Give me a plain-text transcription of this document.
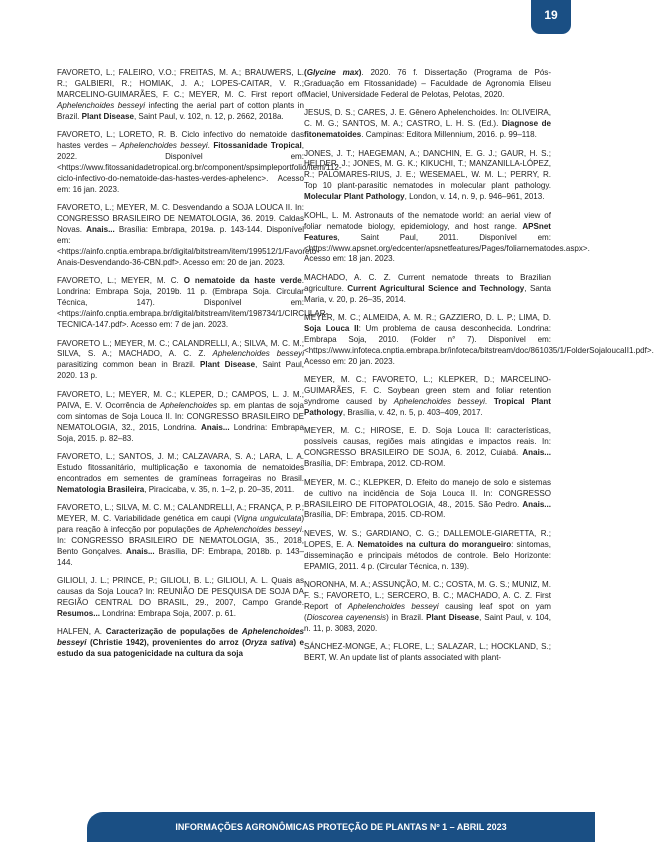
19

FAVORETO, L.; FALEIRO, V.O.; FREITAS, M. A.; BRAUWERS, L. R.; GALBIERI, R.; HOMIAK, J. A.; LOPES-CAITAR, V. R.; MARCELINO-GUIMARÃES, F. C.; MEYER, M. C. First report of Aphelenchoides besseyi infecting the aerial part of cotton plants in Brazil. Plant Disease, Saint Paul, v. 102, n. 12, p. 2662, 2018a.

FAVORETO, L.; LORETO, R. B. Ciclo infectivo do nematoide das hastes verdes – Aphelenchoides besseyi. Fitossanidade Tropical, 2022. Disponível em: <https://www.fitossanidadetropical.org.br/component/spsimpleportfolio/item/112-ciclo-infectivo-do-nematoide-das-hastes-verdes-aphelenc>. Acesso em: 16 jan. 2023.

FAVORETO, L.; MEYER, M. C. Desvendando a SOJA LOUCA II. In: CONGRESSO BRASILEIRO DE NEMATOLOGIA, 36. 2019. Caldas Novas. Anais... Brasília: Embrapa, 2019a. p. 143-144. Disponível em: <https://ainfo.cnptia.embrapa.br/digital/bitstream/item/199512/1/Favoreto-Anais-Desvendando-36-CBN.pdf>. Acesso em: 20 de jan. 2023.

FAVORETO, L.; MEYER, M. C. O nematoide da haste verde. Londrina: Embrapa Soja, 2019b. 11 p. (Embrapa Soja. Circular Técnica, 147). Disponível em: <https://ainfo.cnptia.embrapa.br/digital/bitstream/item/198734/1/CIRCULAR-TECNICA-147.pdf>. Acesso em: 7 de jan. 2023.

FAVORETO L.; MEYER, M. C.; CALANDRELLI, A.; SILVA, M. C. M.; SILVA, S. A.; MACHADO, A. C. Z. Aphelenchoides besseyi parasitizing common bean in Brazil. Plant Disease, Saint Paul, 2020. 13 p.

FAVORETO, L.; MEYER, M. C.; KLEPER, D.; CAMPOS, L. J. M.; PAIVA, E. V. Ocorrência de Aphelenchoides sp. em plantas de soja com sintomas de Soja Louca II. In: CONGRESSO BRASILEIRO DE NEMATOLOGIA, 32., 2015, Londrina. Anais... Londrina: Embrapa Soja, 2015. p. 82–83.

FAVORETO, L.; SANTOS, J. M.; CALZAVARA, S. A.; LARA, L. A. Estudo fitossanitário, multiplicação e taxonomia de nematoides encontrados em sementes de gramíneas forrageiras no Brasil. Nematologia Brasileira, Piracicaba, v. 35, n. 1–2, p. 20–35, 2011.

FAVORETO, L.; SILVA, M. C. M.; CALANDRELLI, A.; FRANÇA, P. P.; MEYER, M. C. Variabilidade genética em caupi (Vigna unguiculata) para reação à infecção por populações de Aphelenchoides besseyi. In: CONGRESSO BRASILEIRO DE NEMATOLOGIA, 35., 2018, Bento Gonçalves. Anais... Brasília, DF: Embrapa, 2018b. p. 143–144.

GILIOLI, J. L.; PRINCE, P.; GILIOLI, B. L.; GILIOLI, A. L. Quais as causas da Soja Louca? In: REUNIÃO DE PESQUISA DE SOJA DA REGIÃO CENTRAL DO BRASIL, 29., 2007, Campo Grande. Resumos... Londrina: Embrapa Soja, 2007. p. 61.

HALFEN, A. Caracterização de populações de Aphelenchoides besseyi (Christie 1942), provenientes do arroz (Oryza sativa) e estudo da sua patogenicidade na cultura da soja

(Glycine max). 2020. 76 f. Dissertação (Programa de Pós-Graduação em Fitossanidade) – Faculdade de Agronomia Eliseu Maciel, Universidade Federal de Pelotas, Pelotas, 2020.

JESUS, D. S.; CARES, J. E. Gênero Aphelenchoides. In: OLIVEIRA, C. M. G.; SANTOS, M. A.; CASTRO, L. H. S. (Ed.). Diagnose de fitonematoides. Campinas: Editora Millennium, 2016. p. 99–118.

JONES, J. T.; HAEGEMAN, A.; DANCHIN, E. G. J.; GAUR, H. S.; HELDER, J.; JONES, M. G. K.; KIKUCHI, T.; MANZANILLA-LÓPEZ, R.; PALOMARES-RIUS, J. E.; WESEMAEL, W. M. L.; PERRY, R. Top 10 plant-parasitic nematodes in molecular plant pathology. Molecular Plant Pathology, London, v. 14, n. 9, p. 946–961, 2013.

KOHL, L. M. Astronauts of the nematode world: an aerial view of foliar nematode biology, epidemiology, and host range. APSnet Features, Saint Paul, 2011. Disponível em: <https://www.apsnet.org/edcenter/apsnetfeatures/Pages/foliarnematodes.aspx>. Acesso em: 18 jan. 2023.

MACHADO, A. C. Z. Current nematode threats to Brazilian agriculture. Current Agricultural Science and Technology, Santa Maria, v. 20, p. 26–35, 2014.

MEYER, M. C.; ALMEIDA, A. M. R.; GAZZIERO, D. L. P.; LIMA, D. Soja Louca II: Um problema de causa desconhecida. Londrina: Embrapa Soja, 2010. (Folder n° 7). Disponível em: <https://www.infoteca.cnptia.embrapa.br/infoteca/bitstream/doc/861035/1/FolderSojaloucaII1.pdf>. Acesso em: 20 jan. 2023.

MEYER, M. C.; FAVORETO, L.; KLEPKER, D.; MARCELINO-GUIMARÃES, F. C. Soybean green stem and foliar retention syndrome caused by Aphelenchoides besseyi. Tropical Plant Pathology, Brasília, v. 42, n. 5, p. 403–409, 2017.

MEYER, M. C.; HIROSE, E. D. Soja Louca II: características, possíveis causas, regiões mais atingidas e impactos reais. In: CONGRESSO BRASILEIRO DE SOJA, 6. 2012, Cuiabá. Anais... Brasília, DF: Embrapa, 2012. CD-ROM.

MEYER, M. C.; KLEPKER, D. Efeito do manejo de solo e sistemas de cultivo na incidência de Soja Louca II. In: CONGRESSO BRASILEIRO DE FITOPATOLOGIA, 48., 2015. São Pedro. Anais... Brasília, DF: Embrapa, 2015. CD-ROM.

NEVES, W. S.; GARDIANO, C. G.; DALLEMOLE-GIARETTA, R.; LOPES, E. A. Nematoides na cultura do morangueiro: sintomas, disseminação e principais métodos de controle. Belo Horizonte: EPAMIG, 2011. 4 p. (Circular Técnica, n. 139).

NORONHA, M. A.; ASSUNÇÃO, M. C.; COSTA, M. G. S.; MUNIZ, M. F. S.; FAVORETO, L.; SERCERO, B. C.; MACHADO, A. C. Z. First Report of Aphelenchoides besseyi causing leaf spot on yam (Dioscorea cayenensis) in Brazil. Plant Disease, Saint Paul, v. 104, n. 11, p. 3083, 2020.

SÁNCHEZ-MONGE, A.; FLORE, L.; SALAZAR, L.; HOCKLAND, S.; BERT, W. An update list of plants associated with plant-

INFORMAÇÕES AGRONÔMICAS PROTEÇÃO DE PLANTAS Nº 1 – ABRIL 2023
